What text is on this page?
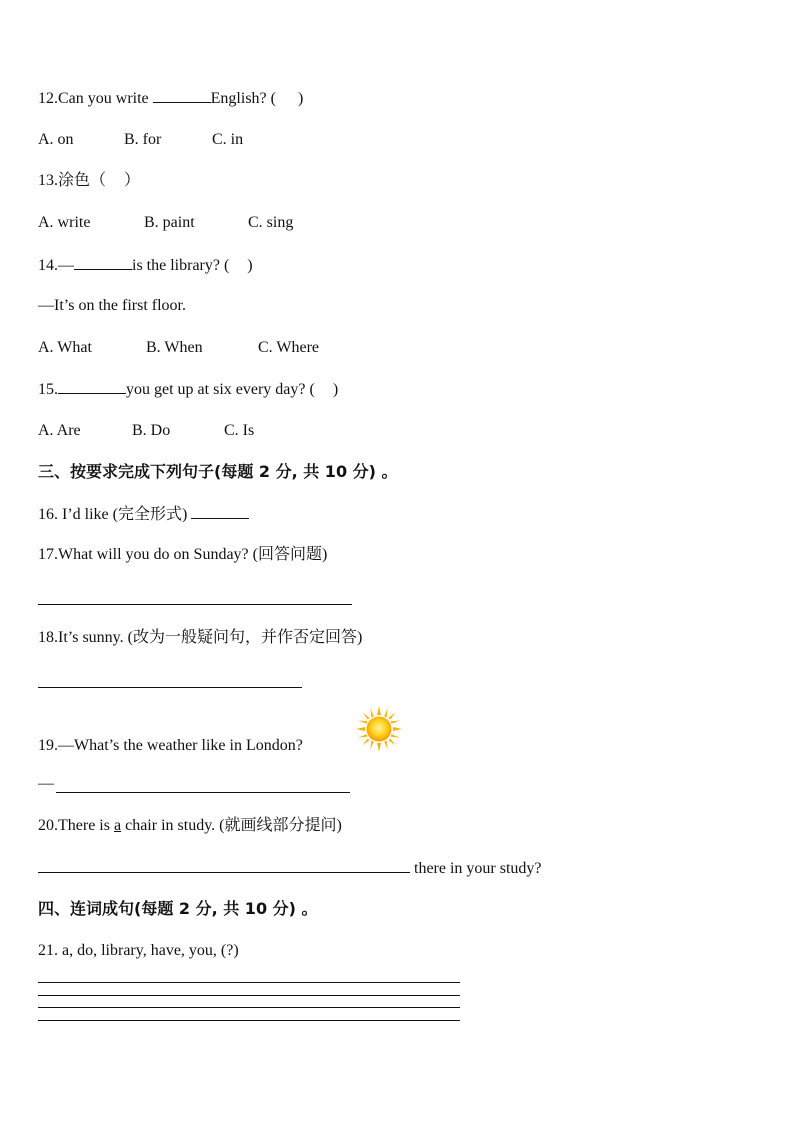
12.Can you write	English? ( )
A. on	B. for	C. in
13.涂色（ ）
A. write	B. paint	C. sing
14.—	is the library? ( )
—It’s on the first floor.
A. What	B. When	C. Where
15.	you get up at six every day? ( )
A. Are	B. Do	C. Is
三、按要求完成下列句子(每题 2 分, 共 10 分) 。
16. I’d like (完全形式)
17.What will you do on Sunday? (回答问题)
18.It’s sunny. (改为一般疑问句，并作否定回答)
19.—What’s the weather like in London?
—
20.There is a chair in study. (就画线部分提问)
there in your study?
四、连词成句(每题 2 分, 共 10 分) 。
21. a, do, library, have, you, (?)
